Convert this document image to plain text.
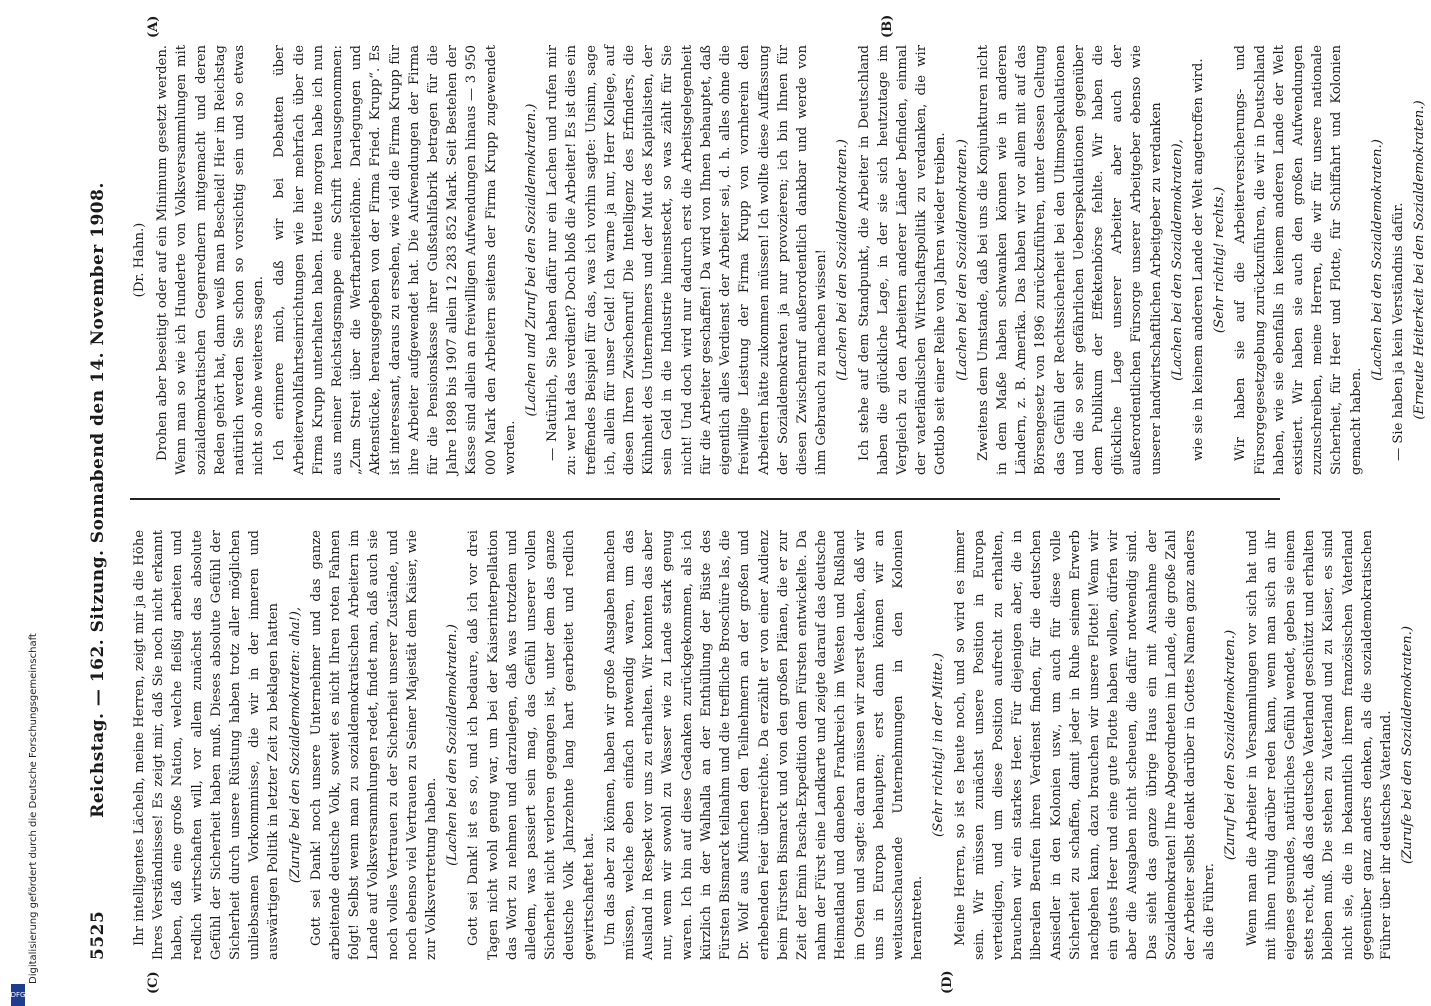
Digitalisierung gefördert durch die Deutsche Forschungsgemeinschaft
DFG
5525
Reichstag. — 162. Sitzung. Sonnabend den 14. November 1908.
(C)	(D)
(A)	(B)

Ihr intelligentes Lächeln, meine Herren, zeigt mir ja die Höhe Ihres Verständnisses! Es zeigt mir, daß Sie noch nicht erkannt haben, daß eine große Nation, welche fleißig arbeiten und redlich wirtschaften will, vor allem zunächst das absolute Gefühl der Sicherheit haben muß. Dieses absolute Gefühl der Sicherheit durch unsere Rüstung haben trotz aller möglichen unliebsamen Vorkommnisse, die wir in der inneren und auswärtigen Politik in letzter Zeit zu beklagen hatten (Zurufe bei den Sozialdemokraten: aha!), Gott sei Dank! noch unsere Unternehmer und das ganze arbeitende deutsche Volk, soweit es nicht Ihren roten Fahnen folgt! Selbst wenn man zu sozialdemokratischen Arbeitern im Lande auf Volksversammlungen redet, findet man, daß auch sie noch volles Vertrauen zu der Sicherheit unserer Zustände, und noch ebenso viel Vertrauen zu Seiner Majestät dem Kaiser, wie zur Volksvertretung haben.

(Lachen bei den Sozialdemokraten.) Gott sei Dank! ist es so, und ich bedaure, daß ich vor drei Tagen nicht wohl genug war, um bei der Kaiserinterpellation das Wort zu nehmen und darzulegen, daß was trotzdem und alledem, was passiert sein mag, das Gefühl unserer vollen Sicherheit nicht verloren gegangen ist, unter dem das ganze deutsche Volk Jahrzehnte lang hart gearbeitet und redlich gewirtschaftet hat. Um das aber zu können, haben wir große Ausgaben machen müssen, welche eben einfach notwendig waren, um das Ausland in Respekt vor uns zu erhalten. Wir konnten das aber nur, wenn wir sowohl zu Wasser wie zu Lande stark genug waren. Ich bin auf diese Gedanken zurückgekommen, als ich kürzlich in der Walhalla an der Enthüllung der Büste des Fürsten Bismarck teilnahm und die treffliche Broschüre las, die Dr. Wolf aus München den Teilnehmern an der großen und erhebenden Feier überreichte. Da erzählt er von einer Audienz beim Fürsten Bismarck und von den großen Plänen, die er zur Zeit der Emin Pascha-Expedition dem Fürsten entwickelte. Da nahm der Fürst eine Landkarte und zeigte darauf das deutsche Heimatland und daneben Frankreich im Westen und Rußland im Osten und sagte: daran müssen wir zuerst denken, daß wir uns in Europa behaupten; erst dann können wir an weitausschauende Unternehmungen in den Kolonien herantreten.

(Sehr richtig! in der Mitte.) Meine Herren, so ist es heute noch, und so wird es immer sein. Wir müssen zunächst unsere Position in Europa verteidigen, und um diese Position aufrecht zu erhalten, brauchen wir ein starkes Heer. Für diejenigen aber, die in liberalen Berufen ihren Verdienst finden, für die deutschen Ansiedler in den Kolonien usw., um auch für diese volle Sicherheit zu schaffen, damit jeder in Ruhe seinem Erwerb nachgehen kann, dazu brauchen wir unsere Flotte! Wenn wir ein gutes Heer und eine gute Flotte haben wollen, dürfen wir aber die Ausgaben nicht scheuen, die dafür notwendig sind. Das sieht das ganze übrige Haus ein mit Ausnahme der Sozialdemokraten! Ihre Abgeordneten im Lande, die große Zahl der Arbeiter selbst denkt darüber in Gottes Namen ganz anders als die Führer.

(Zuruf bei den Sozialdemokraten.) Wenn man die Arbeiter in Versammlungen vor sich hat und mit ihnen ruhig darüber reden kann, wenn man sich an ihr eigenes gesundes, natürliches Gefühl wendet, geben sie einem stets recht, daß das deutsche Vaterland geschützt und erhalten bleiben muß. Die stehen zu Vaterland und zu Kaiser, es sind nicht sie, die in bekanntlich ihrem französischen Vaterland gegenüber ganz anders denken, als die sozialdemokratischen Führer über ihr deutsches Vaterland. (Zurufe bei den Sozialdemokraten.)

(Dr. Hahn.) Drohen aber beseitigt oder auf ein Minimum gesetzt werden. Wenn man so wie ich Hunderte von Volksversammlungen mit sozialdemokratischen Gegenrednern mitgemacht und deren Reden gehört hat, dann weiß man Bescheid! Hier im Reichstag natürlich werden Sie schon so vorsichtig sein und so etwas nicht so ohne weiteres sagen. Ich erinnere mich, daß wir bei Debatten über Arbeiterwohlfahrtseinrichtungen wie hier mehrfach über die Firma Krupp unterhalten haben. Heute morgen habe ich nun aus meiner Reichstagsmappe eine Schrift herausgenommen: „Zum Streit über die Werftarbeiterlöhne. Darlegungen und Aktenstücke, herausgegeben von der Firma Fried. Krupp“. Es ist interessant, daraus zu ersehen, wie viel die Firma Krupp für ihre Arbeiter aufgewendet hat. Die Aufwendungen der Firma für die Pensionskasse ihrer Gußstahlfabrik betragen für die Jahre 1898 bis 1907 allein 12 283 852 Mark. Seit Bestehen der Kasse sind allein an freiwilligen Aufwendungen hinaus — 3 950 000 Mark den Arbeitern seitens der Firma Krupp zugewendet worden.

(Lachen und Zuruf bei den Sozialdemokraten.) — Natürlich, Sie haben dafür nur ein Lachen und rufen mir zu: wer hat das verdient? Doch bloß die Arbeiter! Es ist dies ein treffendes Beispiel für das, was ich vorhin sagte: Unsinn, sage ich, allein für unser Geld! Ich warne ja nur, Herr Kollege, auf diesen Ihren Zwischenruf! Die Intelligenz des Erfinders, die Kühnheit des Unternehmers und der Mut des Kapitalisten, der sein Geld in die Industrie hineinsteckt, so was zählt für Sie nicht! Und doch wird nur dadurch erst die Arbeitsgelegenheit für die Arbeiter geschaffen! Da wird von Ihnen behauptet, daß eigentlich alles Verdienst der Arbeiter sei, d. h. alles ohne die freiwillige Leistung der Firma Krupp von vornherein den Arbeitern hätte zukommen müssen! Ich wollte diese Auffassung der Sozialdemokraten ja nur provozieren; ich bin Ihnen für diesen Zwischenruf außerordentlich dankbar und werde von ihm Gebrauch zu machen wissen! (Lachen bei den Sozialdemokraten.) Ich stehe auf dem Standpunkt, die Arbeiter in Deutschland haben die glückliche Lage, in der sie sich heutzutage im Vergleich zu den Arbeitern anderer Länder befinden, einmal der vaterländischen Wirtschaftspolitik zu verdanken, die wir Gottlob seit einer Reihe von Jahren wieder treiben. (Lachen bei den Sozialdemokraten.) Zweitens dem Umstande, daß bei uns die Konjunkturen nicht in dem Maße haben schwanken können wie in anderen Ländern, z. B. Amerika. Das haben wir vor allem mit auf das Börsengesetz von 1896 zurückzuführen, unter dessen Geltung das Gefühl der Rechtssicherheit bei den Ultimospekulationen und die so sehr gefährlichen Ueberspekulationen gegenüber dem Publikum der Effektenbörse fehlte. Wir haben die glückliche Lage unserer Arbeiter aber auch der außerordentlichen Fürsorge unserer Arbeitgeber ebenso wie unserer landwirtschaftlichen Arbeitgeber zu verdanken (Lachen bei den Sozialdemokraten), wie sie in keinem anderen Lande der Welt angetroffen wird. (Sehr richtig! rechts.) Wir haben sie auf die Arbeiterversicherungs- und Fürsorgegesetzgebung zurückzuführen, die wir in Deutschland haben, wie sie ebenfalls in keinem anderen Lande der Welt existiert. Wir haben sie auch den großen Aufwendungen zuzuschreiben, meine Herren, die wir für unsere nationale Sicherheit, für Heer und Flotte, für Schiffahrt und Kolonien gemacht haben.

(Lachen bei den Sozialdemokraten.) — Sie haben ja kein Verständnis dafür. (Erneute Heiterkeit bei den Sozialdemokraten.)
